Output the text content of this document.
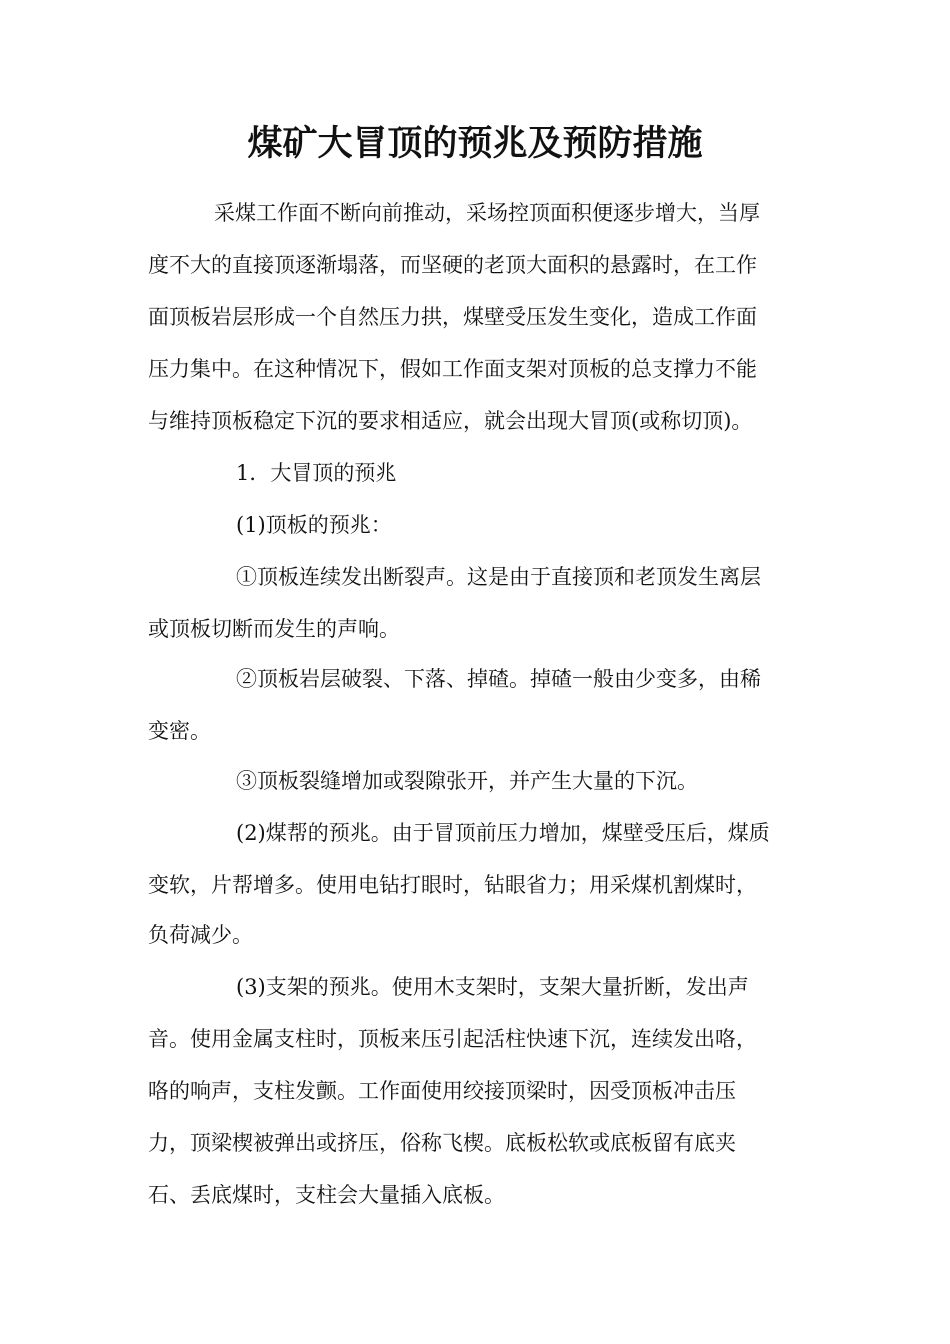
煤矿大冒顶的预兆及预防措施

采煤工作面不断向前推动，采场控顶面积便逐步增大，当厚

度不大的直接顶逐渐塌落，而坚硬的老顶大面积的悬露时，在工作

面顶板岩层形成一个自然压力拱，煤壁受压发生变化，造成工作面

压力集中。在这种情况下，假如工作面支架对顶板的总支撑力不能

与维持顶板稳定下沉的要求相适应，就会出现大冒顶(或称切顶)。

1．大冒顶的预兆

(1)顶板的预兆：

①顶板连续发出断裂声。这是由于直接顶和老顶发生离层

或顶板切断而发生的声响。

②顶板岩层破裂、下落、掉碴。掉碴一般由少变多，由稀

变密。

③顶板裂缝增加或裂隙张开，并产生大量的下沉。

(2)煤帮的预兆。由于冒顶前压力增加，煤壁受压后，煤质

变软，片帮增多。使用电钻打眼时，钻眼省力；用采煤机割煤时，

负荷减少。

(3)支架的预兆。使用木支架时，支架大量折断，发出声

音。使用金属支柱时，顶板来压引起活柱快速下沉，连续发出咯，

咯的响声，支柱发颤。工作面使用绞接顶梁时，因受顶板冲击压

力，顶梁楔被弹出或挤压，俗称飞楔。底板松软或底板留有底夹

石、丢底煤时，支柱会大量插入底板。
